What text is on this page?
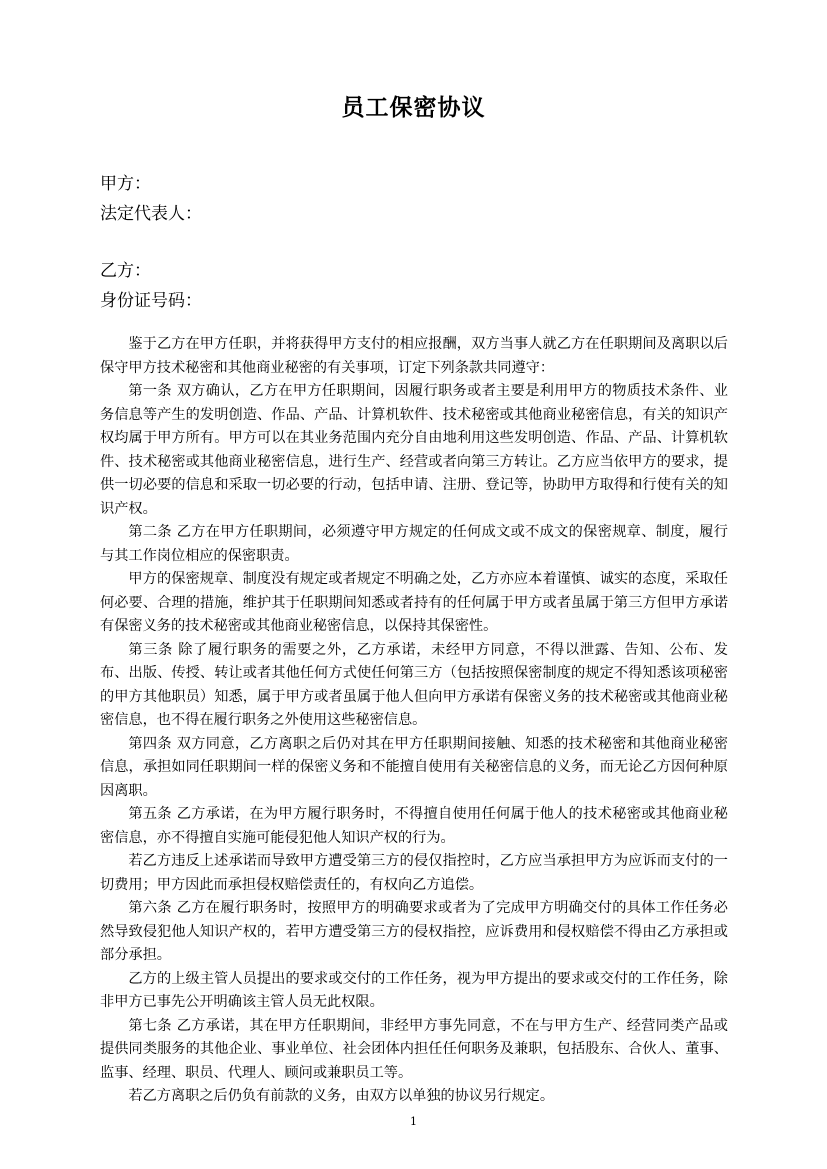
员工保密协议
甲方：
法定代表人：
乙方：
身份证号码：

鉴于乙方在甲方任职，并将获得甲方支付的相应报酬，双方当事人就乙方在任职期间及离职以后保守甲方技术秘密和其他商业秘密的有关事项，订定下列条款共同遵守：

第一条 双方确认，乙方在甲方任职期间，因履行职务或者主要是利用甲方的物质技术条件、业务信息等产生的发明创造、作品、产品、计算机软件、技术秘密或其他商业秘密信息，有关的知识产权均属于甲方所有。甲方可以在其业务范围内充分自由地利用这些发明创造、作品、产品、计算机软件、技术秘密或其他商业秘密信息，进行生产、经营或者向第三方转让。乙方应当依甲方的要求，提供一切必要的信息和采取一切必要的行动，包括申请、注册、登记等，协助甲方取得和行使有关的知识产权。

第二条 乙方在甲方任职期间，必须遵守甲方规定的任何成文或不成文的保密规章、制度，履行与其工作岗位相应的保密职责。

甲方的保密规章、制度没有规定或者规定不明确之处，乙方亦应本着谨慎、诚实的态度，采取任何必要、合理的措施，维护其于任职期间知悉或者持有的任何属于甲方或者虽属于第三方但甲方承诺有保密义务的技术秘密或其他商业秘密信息，以保持其保密性。

第三条 除了履行职务的需要之外，乙方承诺，未经甲方同意，不得以泄露、告知、公布、发布、出版、传授、转让或者其他任何方式使任何第三方（包括按照保密制度的规定不得知悉该项秘密的甲方其他职员）知悉，属于甲方或者虽属于他人但向甲方承诺有保密义务的技术秘密或其他商业秘密信息，也不得在履行职务之外使用这些秘密信息。

第四条 双方同意，乙方离职之后仍对其在甲方任职期间接触、知悉的技术秘密和其他商业秘密信息，承担如同任职期间一样的保密义务和不能擅自使用有关秘密信息的义务，而无论乙方因何种原因离职。

第五条 乙方承诺，在为甲方履行职务时，不得擅自使用任何属于他人的技术秘密或其他商业秘密信息，亦不得擅自实施可能侵犯他人知识产权的行为。

若乙方违反上述承诺而导致甲方遭受第三方的侵仅指控时，乙方应当承担甲方为应诉而支付的一切费用；甲方因此而承担侵权赔偿责任的，有权向乙方追偿。

第六条 乙方在履行职务时，按照甲方的明确要求或者为了完成甲方明确交付的具体工作任务必然导致侵犯他人知识产权的，若甲方遭受第三方的侵权指控，应诉费用和侵权赔偿不得由乙方承担或部分承担。

乙方的上级主管人员提出的要求或交付的工作任务，视为甲方提出的要求或交付的工作任务，除非甲方已事先公开明确该主管人员无此权限。

第七条 乙方承诺，其在甲方任职期间，非经甲方事先同意，不在与甲方生产、经营同类产品或提供同类服务的其他企业、事业单位、社会团体内担任任何职务及兼职，包括股东、合伙人、董事、监事、经理、职员、代理人、顾问或兼职员工等。

若乙方离职之后仍负有前款的义务，由双方以单独的协议另行规定。

1
